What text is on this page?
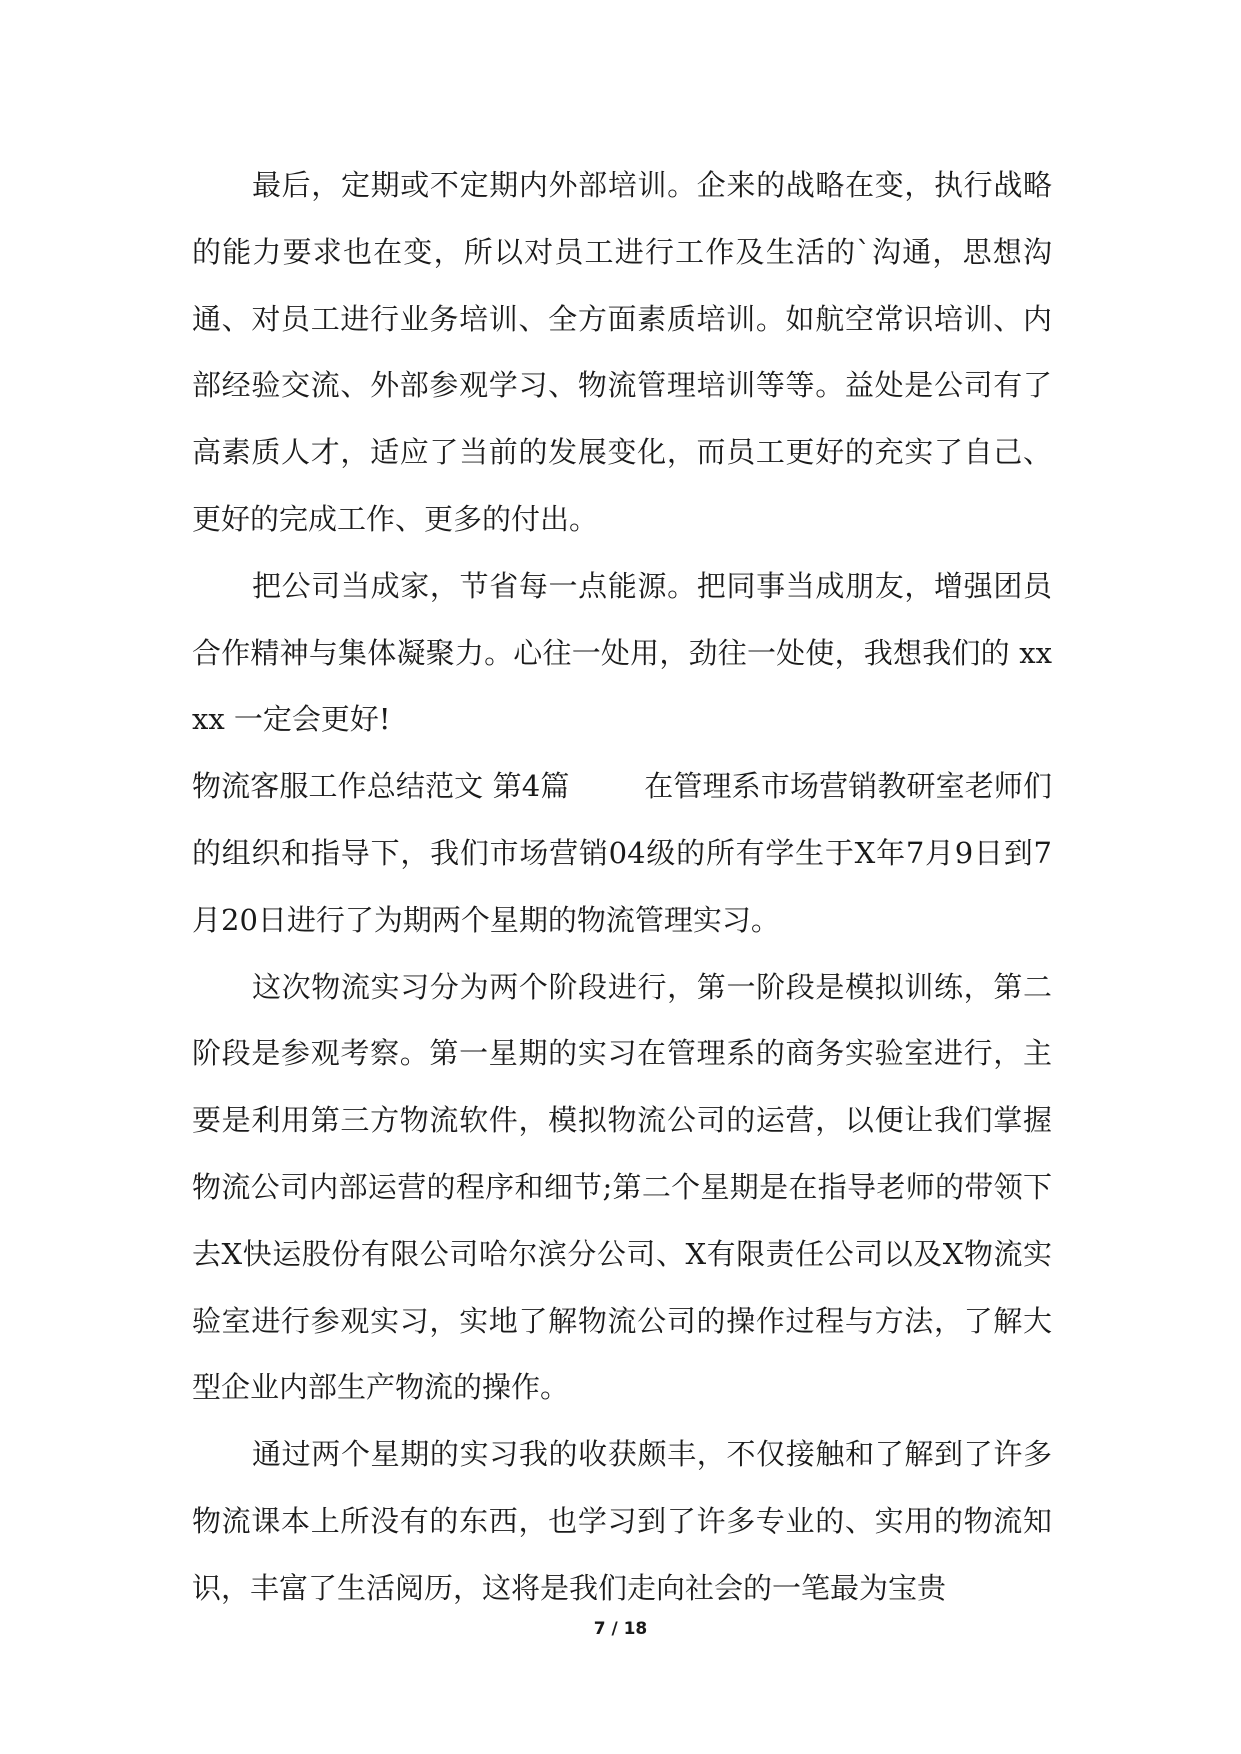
最后，定期或不定期内外部培训。企来的战略在变，执行战略的能力要求也在变，所以对员工进行工作及生活的`沟通，思想沟通、对员工进行业务培训、全方面素质培训。如航空常识培训、内部经验交流、外部参观学习、物流管理培训等等。益处是公司有了高素质人才，适应了当前的发展变化，而员工更好的充实了自己、更好的完成工作、更多的付出。

把公司当成家，节省每一点能源。把同事当成朋友，增强团员合作精神与集体凝聚力。心往一处用，劲往一处使，我想我们的 xxxx 一定会更好!

物流客服工作总结范文 第4篇        在管理系市场营销教研室老师们的组织和指导下，我们市场营销04级的所有学生于X年7月9日到7月20日进行了为期两个星期的物流管理实习。

这次物流实习分为两个阶段进行，第一阶段是模拟训练，第二阶段是参观考察。第一星期的实习在管理系的商务实验室进行，主要是利用第三方物流软件，模拟物流公司的运营，以便让我们掌握物流公司内部运营的程序和细节;第二个星期是在指导老师的带领下去X快运股份有限公司哈尔滨分公司、X有限责任公司以及X物流实验室进行参观实习，实地了解物流公司的操作过程与方法，了解大型企业内部生产物流的操作。

通过两个星期的实习我的收获颇丰，不仅接触和了解到了许多物流课本上所没有的东西，也学习到了许多专业的、实用的物流知识，丰富了生活阅历，这将是我们走向社会的一笔最为宝贵

7 / 18
